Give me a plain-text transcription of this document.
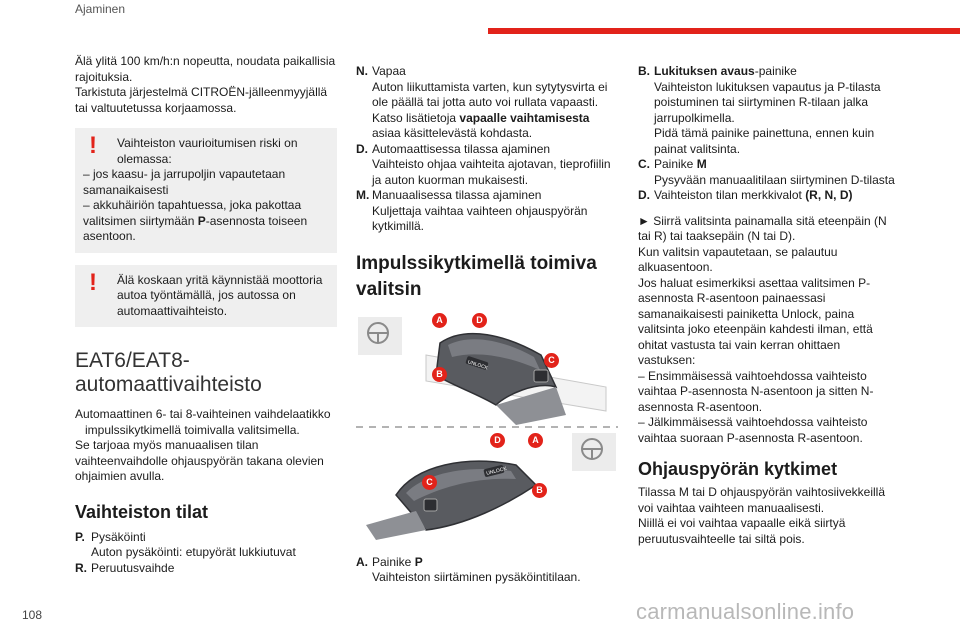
Ajaminen

Älä ylitä 100 km/h:n nopeutta, noudata paikallisia rajoituksia.

Tarkistuta järjestelmä CITROËN-jälleenmyyjällä tai valtuutetussa korjaamossa.

!	Vaihteiston vaurioitumisen riski on olemassa:

– jos kaasu- ja jarrupoljin vapautetaan samanaikaisesti

– akkuhäiriön tapahtuessa, joka pakottaa valitsimen siirtymään P-asennosta toiseen asentoon.

!	Älä koskaan yritä käynnistää moottoria autoa työntämällä, jos autossa on automaattivaihteisto.

EAT6/EAT8-automaattivaihteisto

Automaattinen 6- tai 8-vaihteinen vaihdelaatikko impulssikytkimellä toimivalla valitsimella.

Se tarjoaa myös manuaalisen tilan vaihteenvaihdolle ohjauspyörän takana olevien ohjaimien avulla.

Vaihteiston tilat
P. Pysäköinti
Auton pysäköinti: etupyörät lukkiutuvat
R. Peruutusvaihde
N. Vapaa
Auton liikuttamista varten, kun sytytysvirta ei ole päällä tai jotta auto voi rullata vapaasti.
Katso lisätietoja vapaalle vaihtamisesta asiaa käsittelevästä kohdasta.
D. Automaattisessa tilassa ajaminen
Vaihteisto ohjaa vaihteita ajotavan, tieprofiilin ja auton kuorman mukaisesti.
M. Manuaalisessa tilassa ajaminen
Kuljettaja vaihtaa vaihteen ohjauspyörän kytkimillä.
Impulssikytkimellä toimiva valitsin
UNLOCK
UNLOCK
A	D
C
B
D	A
C
B
A. Painike P
Vaihteiston siirtäminen pysäköintitilaan.
B. Lukituksen avaus-painike
Vaihteiston lukituksen vapautus ja P-tilasta poistuminen tai siirtyminen R-tilaan jalka jarrupolkimella.
Pidä tämä painike painettuna, ennen kuin painat valitsinta.
C. Painike M
Pysyvään manuaalitilaan siirtyminen D-tilasta
D. Vaihteiston tilan merkkivalot (R, N, D)

► Siirrä valitsinta painamalla sitä eteenpäin (N tai R) tai taaksepäin (N tai D).

Kun valitsin vapautetaan, se palautuu alkuasentoon.

Jos haluat esimerkiksi asettaa valitsimen P-asennosta R-asentoon painaessasi samanaikaisesti painiketta Unlock, paina valitsinta joko eteenpäin kahdesti ilman, että ohitat vastusta tai vain kerran ohittaen vastuksen:

– Ensimmäisessä vaihtoehdossa vaihteisto vaihtaa P-asennosta N-asentoon ja sitten N-asennosta R-asentoon.

– Jälkimmäisessä vaihtoehdossa vaihteisto vaihtaa suoraan P-asennosta R-asentoon.

Ohjauspyörän kytkimet

Tilassa M tai D ohjauspyörän vaihtosiivekkeillä voi vaihtaa vaihteen manuaalisesti.

Niillä ei voi vaihtaa vapaalle eikä siirtyä peruutusvaihteelle tai siltä pois.

108	carmanualsonline.info
